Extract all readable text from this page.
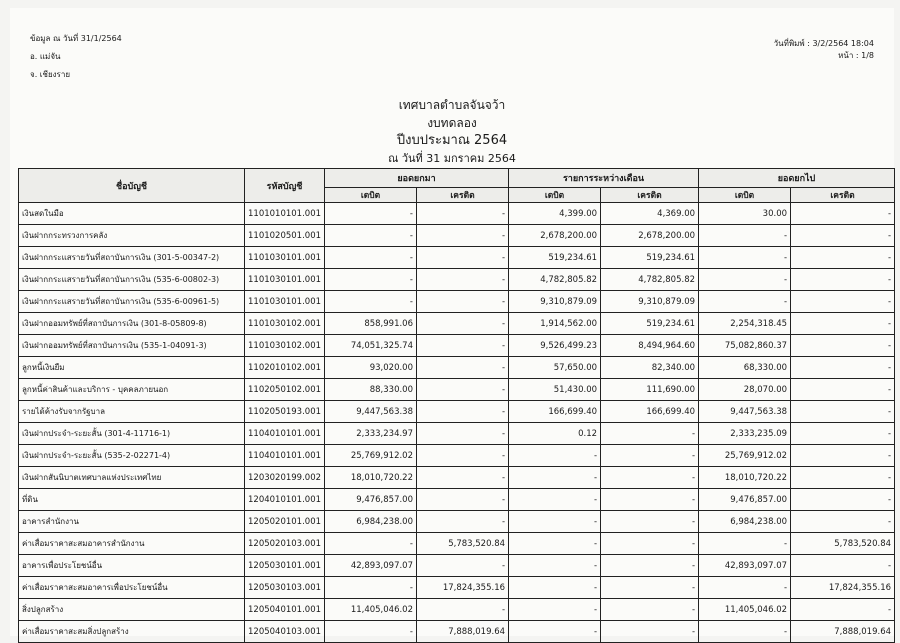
ข้อมูล ณ วันที่ 31/1/2564
อ. แม่จัน
จ. เชียงราย
วันที่พิมพ์ : 3/2/2564 18:04
หน้า : 1/8
เทศบาลตำบลจันจว้า
งบทดลอง
ปีงบประมาณ 2564
ณ วันที่ 31 มกราคม 2564
ชื่อบัญชี	รหัสบัญชี	ยอดยกมา		รายการระหว่างเดือน		ยอดยกไป	
		เดบิต	เครดิต	เดบิต	เครดิต	เดบิต	เครดิต
เงินสดในมือ	1101010101.001	-	-	4,399.00	4,369.00	30.00	-
เงินฝากกระทรวงการคลัง	1101020501.001	-	-	2,678,200.00	2,678,200.00	-	-
เงินฝากกระแสรายวันที่สถาบันการเงิน (301-5-00347-2)	1101030101.001	-	-	519,234.61	519,234.61	-	-
เงินฝากกระแสรายวันที่สถาบันการเงิน (535-6-00802-3)	1101030101.001	-	-	4,782,805.82	4,782,805.82	-	-
เงินฝากกระแสรายวันที่สถาบันการเงิน (535-6-00961-5)	1101030101.001	-	-	9,310,879.09	9,310,879.09	-	-
เงินฝากออมทรัพย์ที่สถาบันการเงิน (301-8-05809-8)	1101030102.001	858,991.06	-	1,914,562.00	519,234.61	2,254,318.45	-
เงินฝากออมทรัพย์ที่สถาบันการเงิน (535-1-04091-3)	1101030102.001	74,051,325.74	-	9,526,499.23	8,494,964.60	75,082,860.37	-
ลูกหนี้เงินยืม	1102010102.001	93,020.00	-	57,650.00	82,340.00	68,330.00	-
ลูกหนี้ค่าสินค้าและบริการ - บุคคลภายนอก	1102050102.001	88,330.00	-	51,430.00	111,690.00	28,070.00	-
รายได้ค้างรับจากรัฐบาล	1102050193.001	9,447,563.38	-	166,699.40	166,699.40	9,447,563.38	-
เงินฝากประจำ-ระยะสั้น (301-4-11716-1)	1104010101.001	2,333,234.97	-	0.12	-	2,333,235.09	-
เงินฝากประจำ-ระยะสั้น (535-2-02271-4)	1104010101.001	25,769,912.02	-	-	-	25,769,912.02	-
เงินฝากสันนิบาตเทศบาลแห่งประเทศไทย	1203020199.002	18,010,720.22	-	-	-	18,010,720.22	-
ที่ดิน	1204010101.001	9,476,857.00	-	-	-	9,476,857.00	-
อาคารสำนักงาน	1205020101.001	6,984,238.00	-	-	-	6,984,238.00	-
ค่าเสื่อมราคาสะสมอาคารสำนักงาน	1205020103.001	-	5,783,520.84	-	-	-	5,783,520.84
อาคารเพื่อประโยชน์อื่น	1205030101.001	42,893,097.07	-	-	-	42,893,097.07	-
ค่าเสื่อมราคาสะสมอาคารเพื่อประโยชน์อื่น	1205030103.001	-	17,824,355.16	-	-	-	17,824,355.16
สิ่งปลูกสร้าง	1205040101.001	11,405,046.02	-	-	-	11,405,046.02	-
ค่าเสื่อมราคาสะสมสิ่งปลูกสร้าง	1205040103.001	-	7,888,019.64	-	-	-	7,888,019.64
